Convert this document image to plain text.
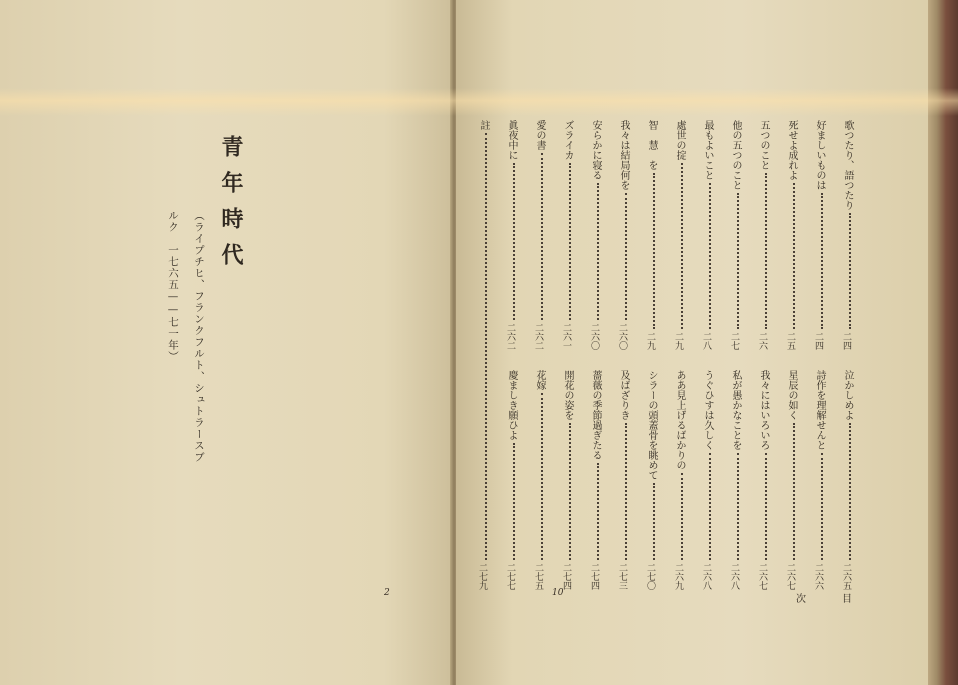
青年時代
（ライプチヒ、フランクフルト、シュトラースブ
ルク　一七六五——七一年）
2
歌つたり、語つたり
二四
泣かしめよ
二六五
好ましいものは
二四
詩作を理解せんと
二六六
死せよ成れよ
二五
星辰の如く
二六七
五つのこと
二六
我々にはいろいろ
二六七
他の五つのこと
二七
私が愚かなことを
二六八
最もよいこと
二八
うぐひすは久しく
二六八
處世の掟
二九
ああ見上げるばかりの
二六九
智　慧　を
二九
シラーの頭蓋骨を眺めて
二七〇
我々は結局何を
二六〇
及ばざりき
二七三
安らかに寝る
二六〇
薔薇の季節過ぎたる
二七四
ズライカ
二六一
開花の姿を
二七四
愛の書
二六二
花嫁
二七五
眞夜中に
二六二
慶ましき願ひよ
二七七
註
二七九
10
次	目
